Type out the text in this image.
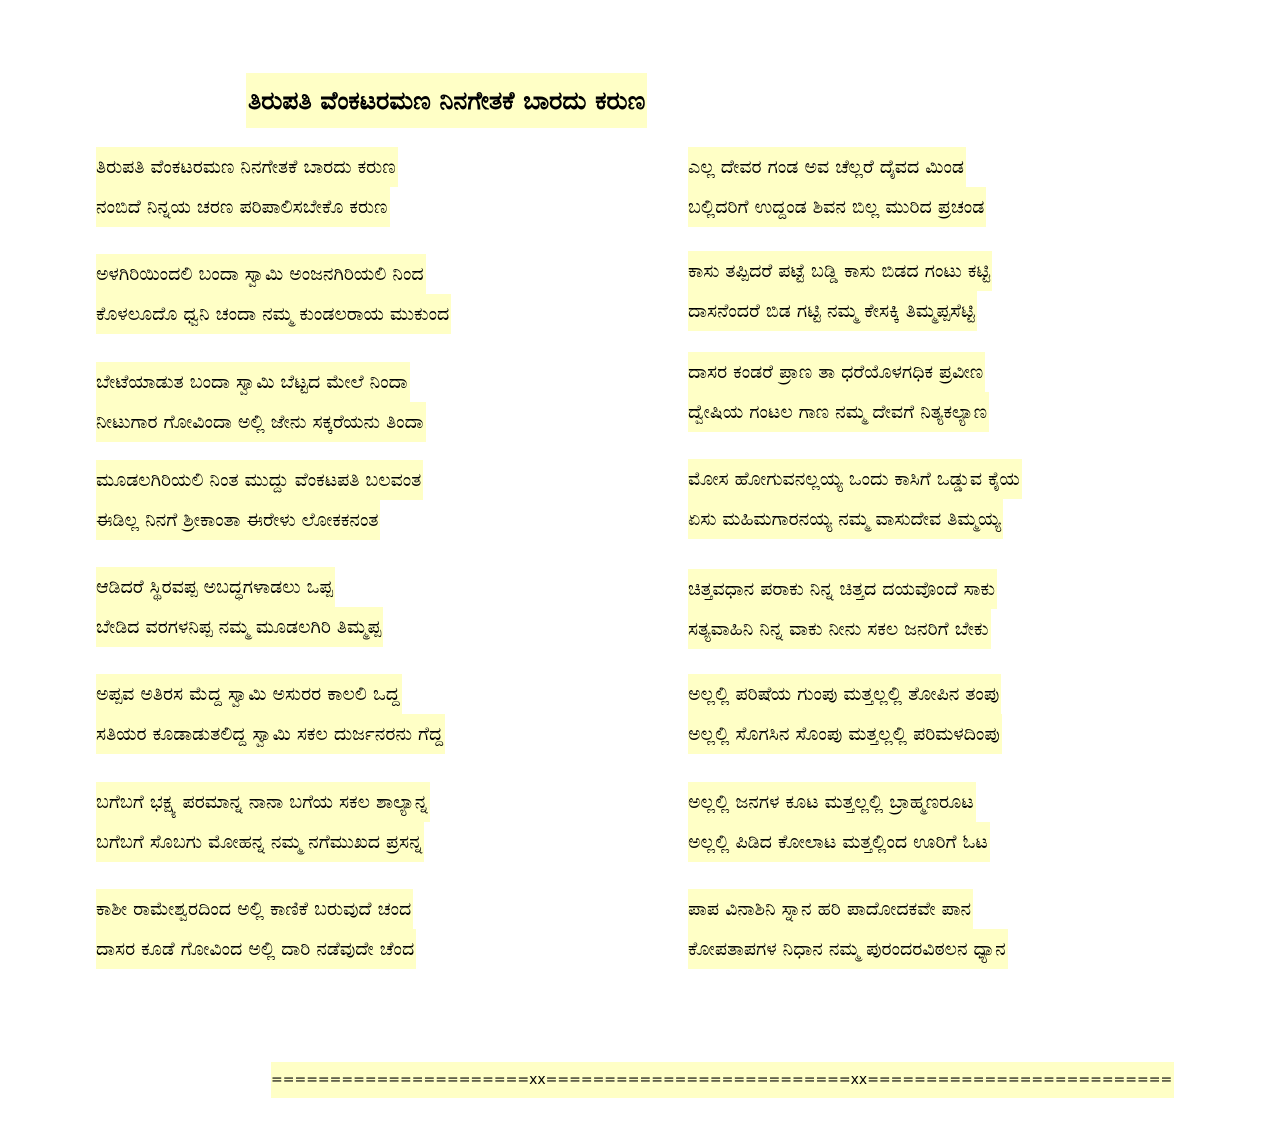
ತಿರುಪತಿ ವೆಂಕಟರಮಣ ನಿನಗೇತಕೆ ಬಾರದು ಕರುಣ
ತಿರುಪತಿ ವೆಂಕಟರಮಣ ನಿನಗೇತಕೆ ಬಾರದು ಕರುಣ
ನಂಬಿದೆ ನಿನ್ನಯ ಚರಣ ಪರಿಪಾಲಿಸಬೇಕೊ ಕರುಣ
ಅಳಗಿರಿಯಿಂದಲಿ ಬಂದಾ ಸ್ವಾಮಿ ಅಂಜನಗಿರಿಯಲಿ ನಿಂದ
ಕೊಳಲೂದೊ ಧ್ವನಿ ಚಂದಾ ನಮ್ಮ ಕುಂಡಲರಾಯ ಮುಕುಂದ
ಬೇಟೆಯಾಡುತ ಬಂದಾ ಸ್ವಾಮಿ ಬೆಟ್ಟದ ಮೇಲೆ ನಿಂದಾ
ನೀಟುಗಾರ ಗೋವಿಂದಾ ಅಲ್ಲಿ ಜೇನು ಸಕ್ಕರೆಯನು ತಿಂದಾ
ಮೂಡಲಗಿರಿಯಲಿ ನಿಂತ ಮುದ್ದು ವೆಂಕಟಪತಿ ಬಲವಂತ
ಈಡಿಲ್ಲ ನಿನಗೆ ಶ್ರೀಕಾಂತಾ ಈರೇಳು ಲೋಕಕನಂತ
ಆಡಿದರೆ ಸ್ಥಿರವಪ್ಪ ಅಬದ್ಧಗಳಾಡಲು ಒಪ್ಪ
ಬೇಡಿದ ವರಗಳನಿಪ್ಪ ನಮ್ಮ ಮೂಡಲಗಿರಿ ತಿಮ್ಮಪ್ಪ
ಅಪ್ಪವ ಅತಿರಸ ಮೆದ್ದ ಸ್ವಾಮಿ ಅಸುರರ ಕಾಲಲಿ ಒದ್ದ
ಸತಿಯರ ಕೂಡಾಡುತಲಿದ್ದ ಸ್ವಾಮಿ ಸಕಲ ದುರ್ಜನರನು ಗೆದ್ದ
ಬಗೆಬಗೆ ಭಕ್ಷ್ಯ ಪರಮಾನ್ನ ನಾನಾ ಬಗೆಯ ಸಕಲ ಶಾಲ್ಯಾನ್ನ
ಬಗೆಬಗೆ ಸೊಬಗು ಮೋಹನ್ನ ನಮ್ಮ ನಗೆಮುಖದ ಪ್ರಸನ್ನ
ಕಾಶೀ ರಾಮೇಶ್ವರದಿಂದ ಅಲ್ಲಿ ಕಾಣಿಕೆ ಬರುವುದೆ ಚಂದ
ದಾಸರ ಕೂಡೆ ಗೋವಿಂದ ಅಲ್ಲಿ ದಾರಿ ನಡೆವುದೇ ಚೆಂದ
ಎಲ್ಲ ದೇವರ ಗಂಡ ಅವ ಚೆಲ್ಲರೆ ದೈವದ ಮಿಂಡ
ಬಲ್ಲಿದರಿಗೆ ಉದ್ದಂಡ ಶಿವನ ಬಿಲ್ಲ ಮುರಿದ ಪ್ರಚಂಡ
ಕಾಸು ತಪ್ಪಿದರೆ ಪಟ್ಟೆ ಬಡ್ಡಿ ಕಾಸು ಬಿಡದ ಗಂಟು ಕಟ್ಟಿ
ದಾಸನೆಂದರೆ ಬಿಡ ಗಟ್ಟಿ ನಮ್ಮ ಕೇಸಕ್ಕಿ ತಿಮ್ಮಪ್ಪಸೆಟ್ಟಿ
ದಾಸರ ಕಂಡರೆ ಪ್ರಾಣ ತಾ ಧರೆಯೊಳಗಧಿಕ ಪ್ರವೀಣ
ದ್ವೇಷಿಯ ಗಂಟಲ ಗಾಣ ನಮ್ಮ ದೇವಗೆ ನಿತ್ಯಕಲ್ಯಾಣ
ಮೋಸ ಹೋಗುವನಲ್ಲಯ್ಯ ಒಂದು ಕಾಸಿಗೆ ಒಡ್ಡುವ ಕೈಯ
ಏಸು ಮಹಿಮಗಾರನಯ್ಯ ನಮ್ಮ ವಾಸುದೇವ ತಿಮ್ಮಯ್ಯ
ಚಿತ್ತವಧಾನ ಪರಾಕು ನಿನ್ನ ಚಿತ್ತದ ದಯವೊಂದೆ ಸಾಕು
ಸತ್ಯವಾಹಿನಿ ನಿನ್ನ ವಾಕು ನೀನು ಸಕಲ ಜನರಿಗೆ ಬೇಕು
ಅಲ್ಲಲ್ಲಿ ಪರಿಷೆಯ ಗುಂಪು ಮತ್ತಲ್ಲಲ್ಲಿ ತೋಪಿನ ತಂಪು
ಅಲ್ಲಲ್ಲಿ ಸೊಗಸಿನ ಸೊಂಪು ಮತ್ತಲ್ಲಲ್ಲಿ ಪರಿಮಳದಿಂಪು
ಅಲ್ಲಲ್ಲಿ ಜನಗಳ ಕೂಟ ಮತ್ತಲ್ಲಲ್ಲಿ ಬ್ರಾಹ್ಮಣರೂಟ
ಅಲ್ಲಲ್ಲಿ ಪಿಡಿದ ಕೋಲಾಟ ಮತ್ತಲ್ಲಿಂದ ಊರಿಗೆ ಓಟ
ಪಾಪ ವಿನಾಶಿನಿ ಸ್ನಾನ ಹರಿ ಪಾದೋದಕವೇ ಪಾನ
ಕೋಪತಾಪಗಳ ನಿಧಾನ ನಮ್ಮ ಪುರಂದರವಿಠಲನ ಧ್ಯಾನ
======================xx==========================xx==========================
